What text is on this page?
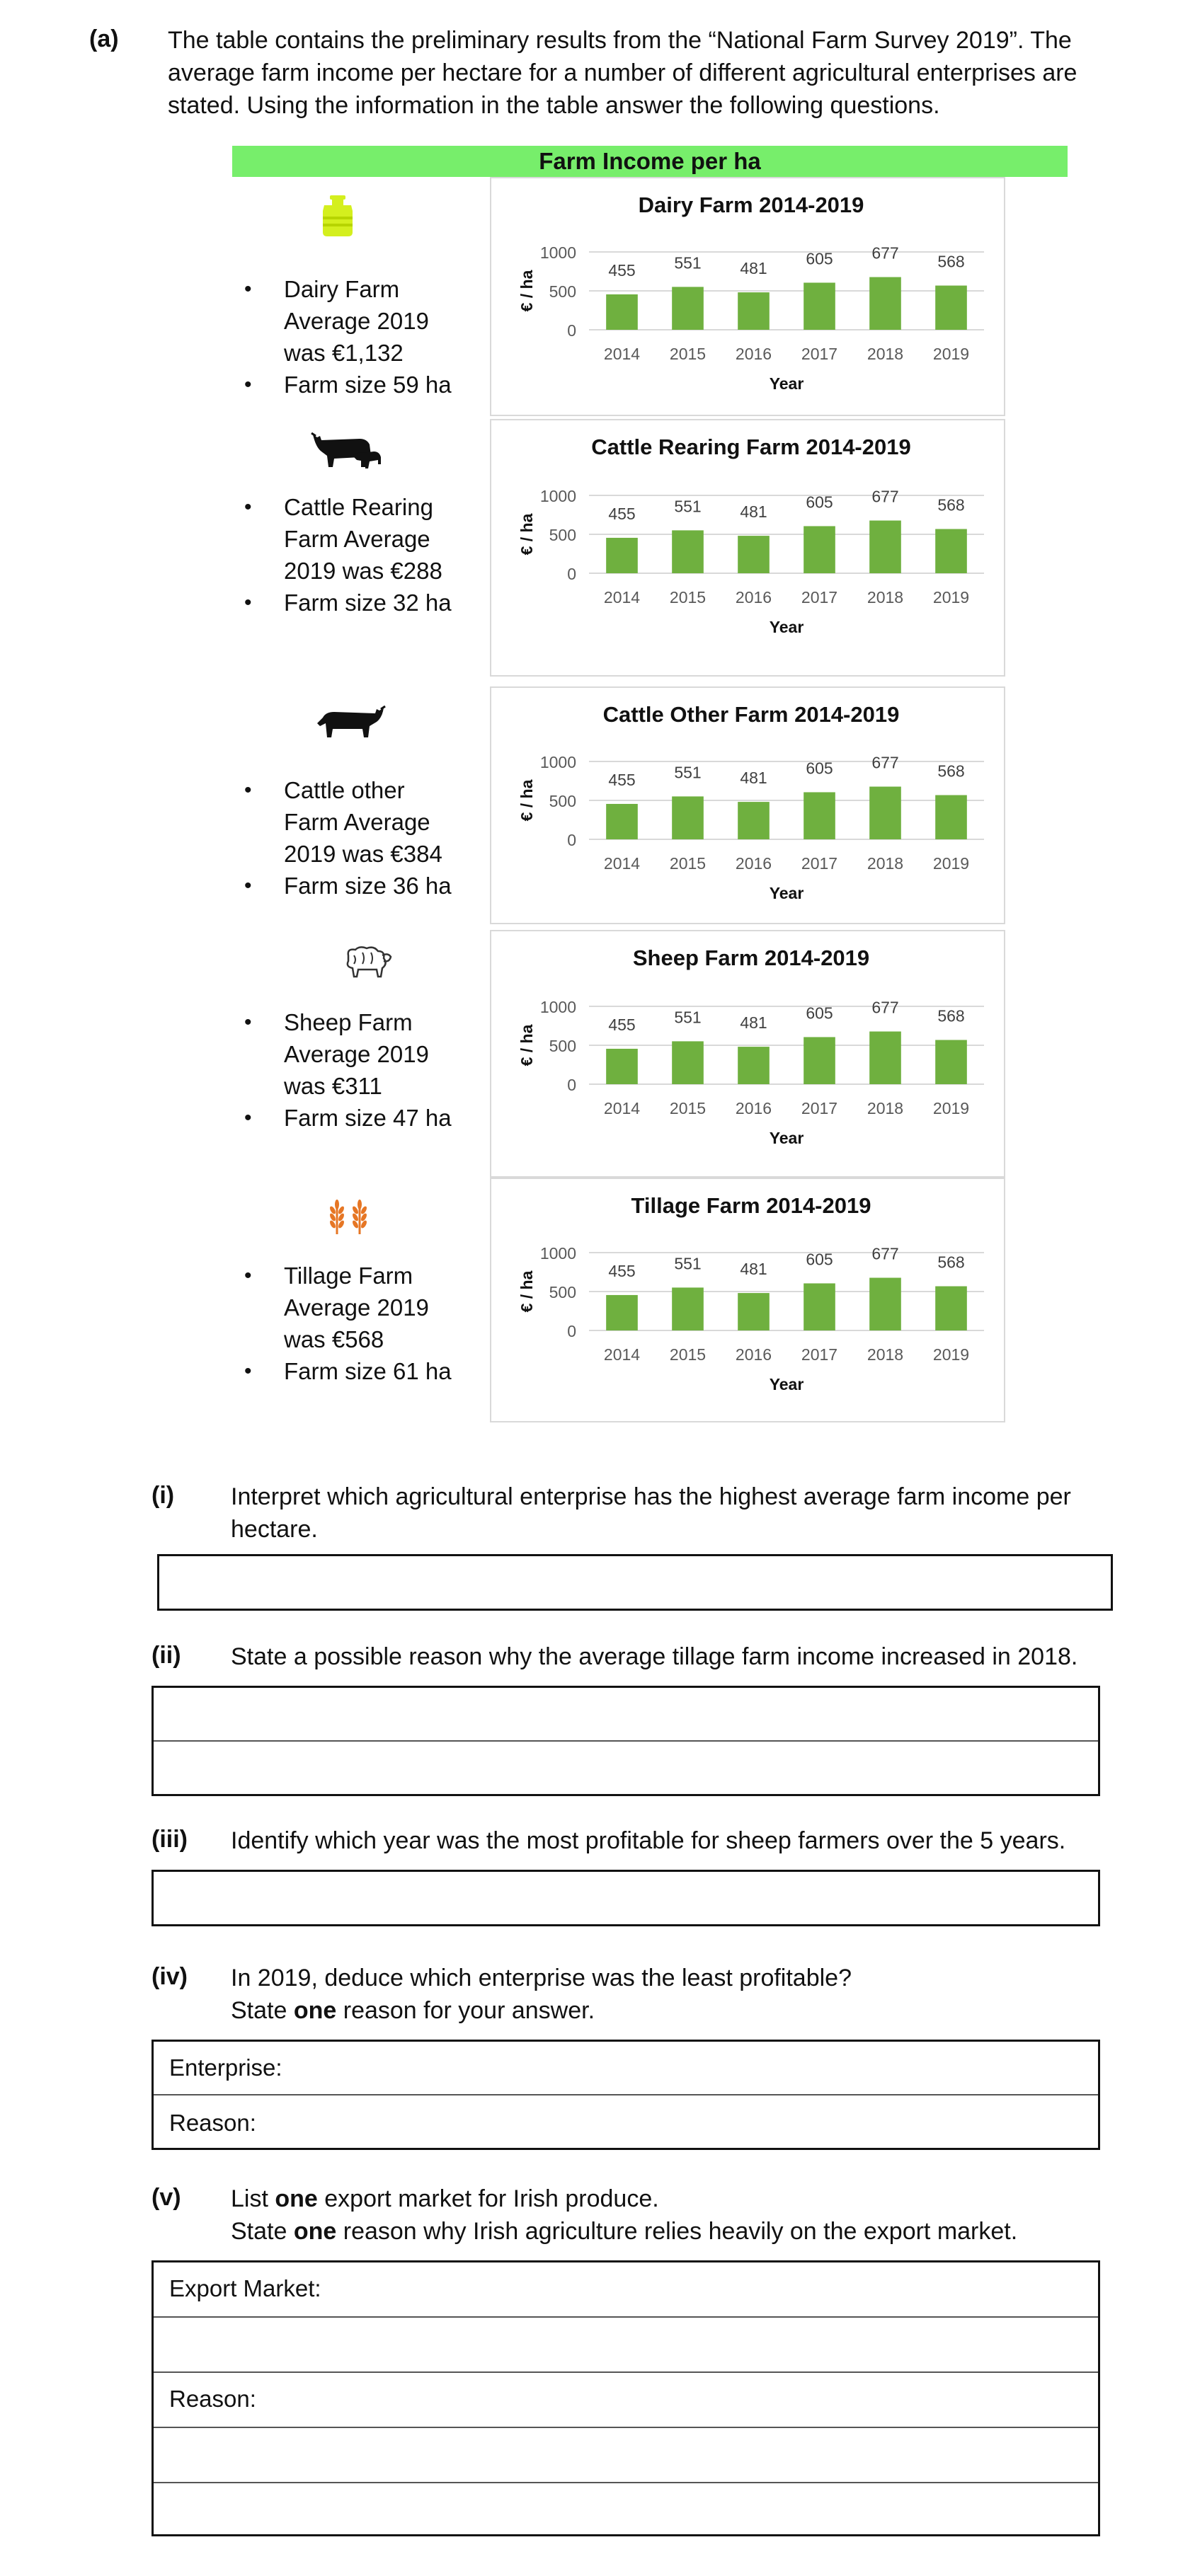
(a) The table contains the preliminary results from the “National Farm Survey 2019”. The
average farm income per hectare for a number of different agricultural enterprises are
stated. Using the information in the table answer the following questions.
Farm Income per ha
• Dairy Farm
Average 2019
was €1,132
• Farm size 59 ha
• Cattle Rearing
Farm Average
2019 was €288
• Farm size 32 ha
• Cattle other
Farm Average
2019 was €384
• Farm size 36 ha
• Sheep Farm
Average 2019
was €311
• Farm size 47 ha
• Tillage Farm
Average 2019
was €568
• Farm size 61 ha
Dairy Farm 2014-2019
0
500
1000
€ / ha	455
2014
551
2015
481
2016
605
2017
677
2018
568
2019
Year
Cattle Rearing Farm 2014-2019
0
500
1000
€ / ha	455
2014
551
2015
481
2016
605
2017
677
2018
568
2019
Year
Cattle Other Farm 2014-2019
0
500
1000
€ / ha	455
2014
551
2015
481
2016
605
2017
677
2018
568
2019
Year
Sheep Farm 2014-2019
0
500
1000
€ / ha	455
2014
551
2015
481
2016
605
2017
677
2018
568
2019
Year
Tillage Farm 2014-2019
0
500
1000
€ / ha	455
2014
551
2015
481
2016
605
2017
677
2018
568
2019
Year
(i) Interpret which agricultural enterprise has the highest average farm income per
hectare.
(ii) State a possible reason why the average tillage farm income increased in 2018.
(iii) Identify which year was the most profitable for sheep farmers over the 5 years.
(iv) In 2019, deduce which enterprise was the least profitable?
State one reason for your answer.
Enterprise:
Reason:
(v) List one export market for Irish produce.
State one reason why Irish agriculture relies heavily on the export market.
Export Market:
Reason:
